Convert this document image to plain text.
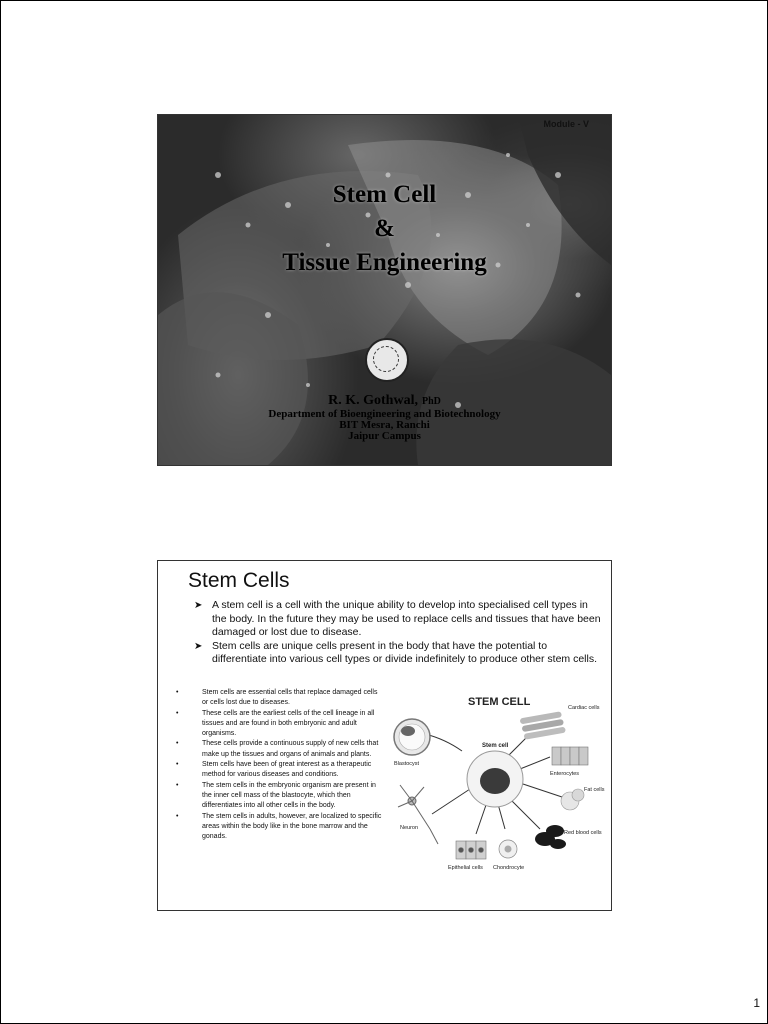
Module - V
Stem Cell
&
Tissue Engineering
R. K. Gothwal, PhD
Department of Bioengineering and Biotechnology
BIT Mesra, Ranchi
Jaipur Campus
Stem Cells
➤ A stem cell is a cell with the unique ability to develop into specialised cell types in the body. In the future they may be used to replace cells and tissues that have been damaged or lost due to disease.
➤ Stem cells are unique cells present in the body that have the potential to differentiate into various cell types or divide indefinitely to produce other stem cells.
•	Stem cells are essential cells that replace damaged cells or cells lost due to diseases.
•	These cells are the earliest cells of the cell lineage in all tissues and are found in both embryonic and adult organisms.
•	These cells provide a continuous supply of new cells that make up the tissues and organs of animals and plants.
•	Stem cells have been of great interest as a therapeutic method for various diseases and conditions.
•	The stem cells in the embryonic organism are present in the inner cell mass of the blastocyte, which then differentiates into all other cells in the body.
•	The stem cells in adults, however, are localized to specific areas within the body like in the bone marrow and the gonads.
STEM CELL	Cardiac cells
Enterocytes
Fat cells
Red blood cells
Chondrocyte
Epithelial cells
Neuron
Blastocyst
Stem cell
1
